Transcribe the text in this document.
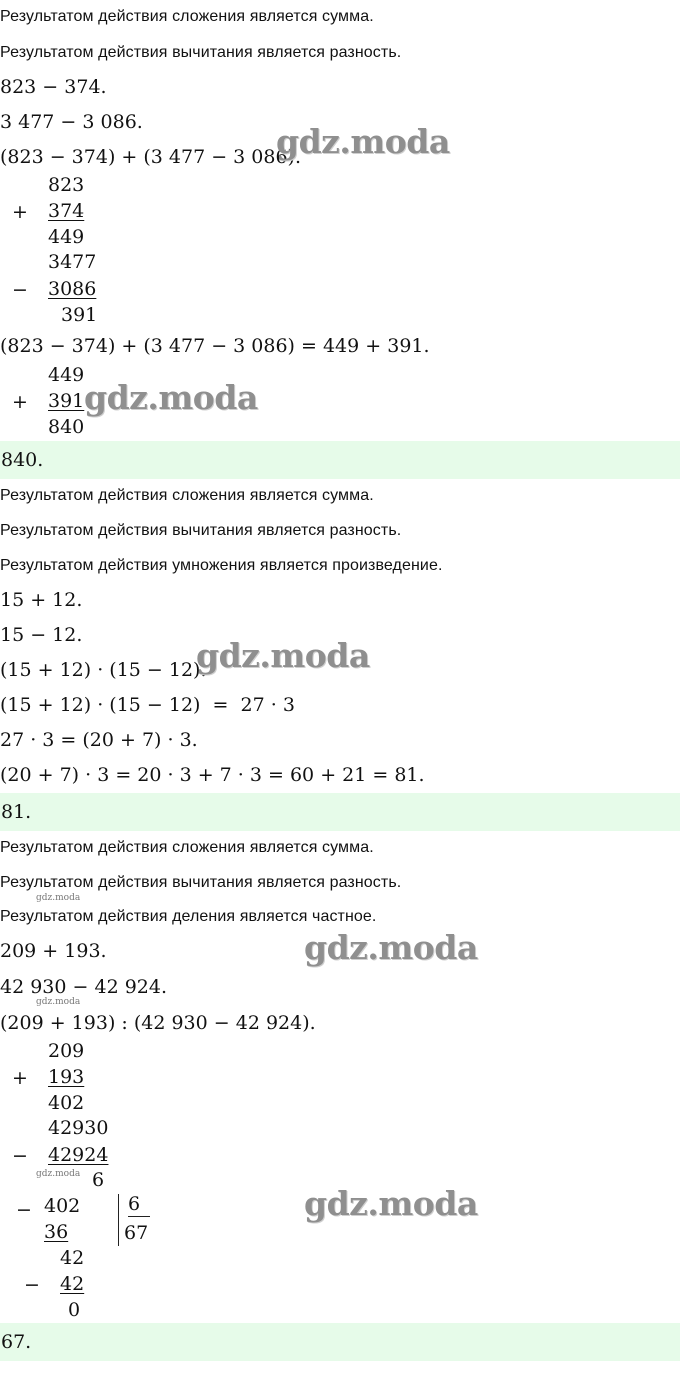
Результатом действия сложения является сумма.
Результатом действия вычитания является разность.
823 − 374.
3 477 − 3 086.
(823 − 374) + (3 477 − 3 086).
823
+ 374
449
3477
− 3086
391
(823 − 374) + (3 477 − 3 086) = 449 + 391.
449
+ 391
840
840.
Результатом действия сложения является сумма.
Результатом действия вычитания является разность.
Результатом действия умножения является произведение.
15 + 12.
15 − 12.
(15 + 12) · (15 − 12).
(15 + 12) · (15 − 12)  =  27 · 3
27 · 3 = (20 + 7) · 3.
(20 + 7) · 3 = 20 · 3 + 7 · 3 = 60 + 21 = 81.
81.
Результатом действия сложения является сумма.
Результатом действия вычитания является разность.
Результатом действия деления является частное.
209 + 193.
42 930 − 42 924.
(209 + 193) : (42 930 − 42 924).
209
+ 193
402
42930
− 42924
6
− 402
36
6
67
42
− 42
0
67.
gdz.moda
gdz.moda
gdz.moda
gdz.moda
gdz.moda
gdz.moda
gdz.moda
gdz.moda
